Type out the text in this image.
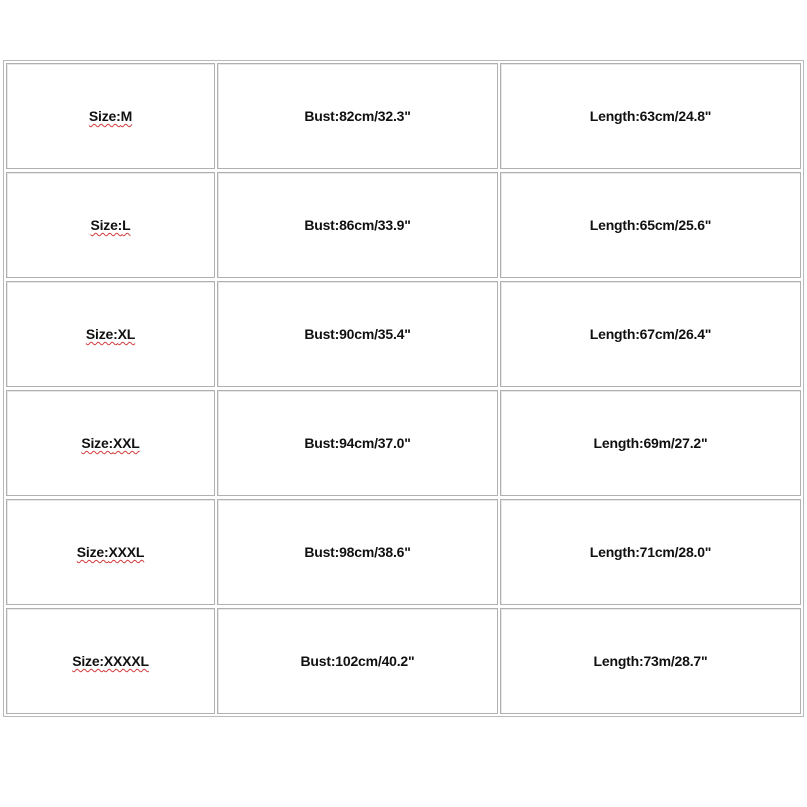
Size:M	Bust:82cm/32.3"	Length:63cm/24.8"
Size:L	Bust:86cm/33.9"	Length:65cm/25.6"
Size:XL	Bust:90cm/35.4"	Length:67cm/26.4"
Size:XXL	Bust:94cm/37.0"	Length:69m/27.2"
Size:XXXL	Bust:98cm/38.6"	Length:71cm/28.0"
Size:XXXXL	Bust:102cm/40.2"	Length:73m/28.7"
